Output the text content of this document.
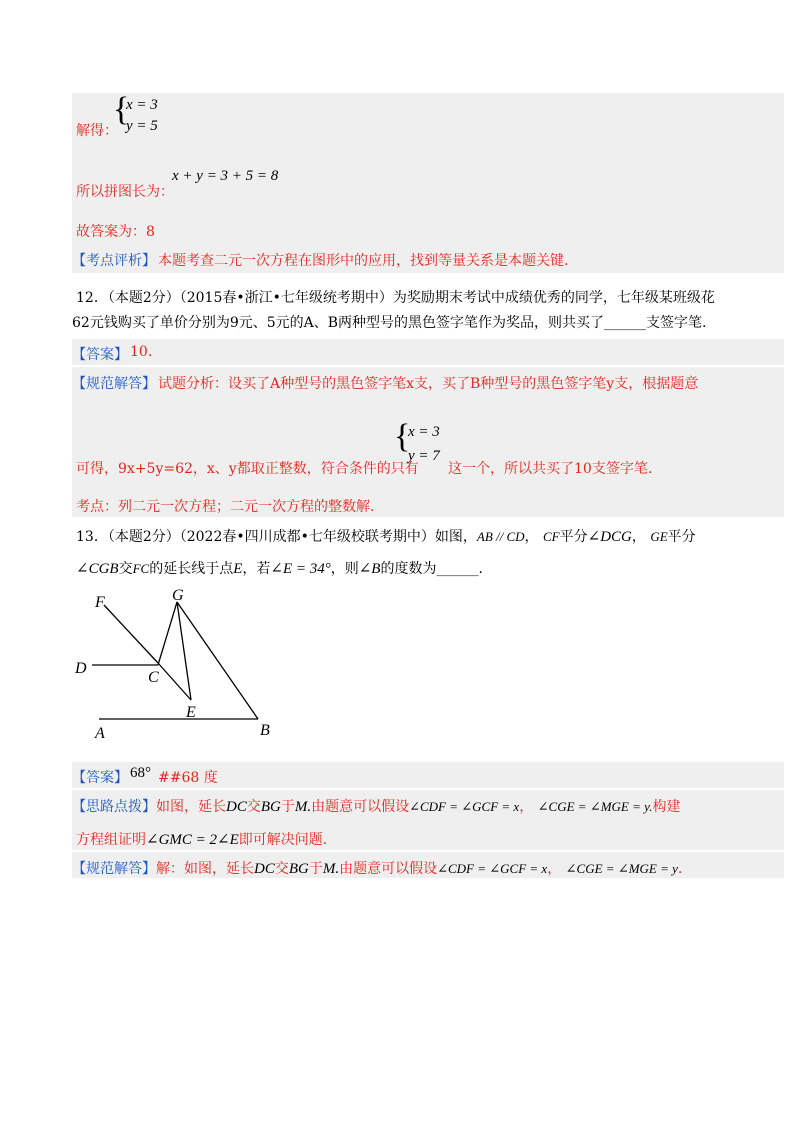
{
x = 3
y = 5
解得：
x + y = 3 + 5 = 8
所以拼图长为：
故答案为：8
【考点评析】 本题考查二元一次方程在图形中的应用，找到等量关系是本题关键.
12．（本题2分）（2015春•浙江•七年级统考期中）为奖励期末考试中成绩优秀的同学，七年级某班级花
62元钱购买了单价分别为9元、5元的A、B两种型号的黑色签字笔作为奖品，则共买了______支签字笔.
【答案】 10.
【规范解答】 试题分析：设买了A种型号的黑色签字笔x支，买了B种型号的黑色签字笔y支，根据题意
{
x = 3
y = 7
可得，9x+5y=62，x、y都取正整数，符合条件的只有 这一个，所以共买了10支签字笔.
考点：列二元一次方程；二元一次方程的整数解.
13．（本题2分）（2022春•四川成都•七年级校联考期中）如图，AB // CD， CF平分∠DCG， GE平分
∠CGB交FC的延长线于点E，若∠E = 34°，则∠B的度数为______.
F	G
D
C
E
A	B
【答案】 68° ##68 度
【思路点拨】如图，延长DC交BG于M.由题意可以假设∠CDF = ∠GCF = x， ∠CGE = ∠MGE = y.构建
方程组证明∠GMC = 2∠E即可解决问题.
【规范解答】解：如图，延长DC交BG于M.由题意可以假设∠CDF = ∠GCF = x， ∠CGE = ∠MGE = y.
